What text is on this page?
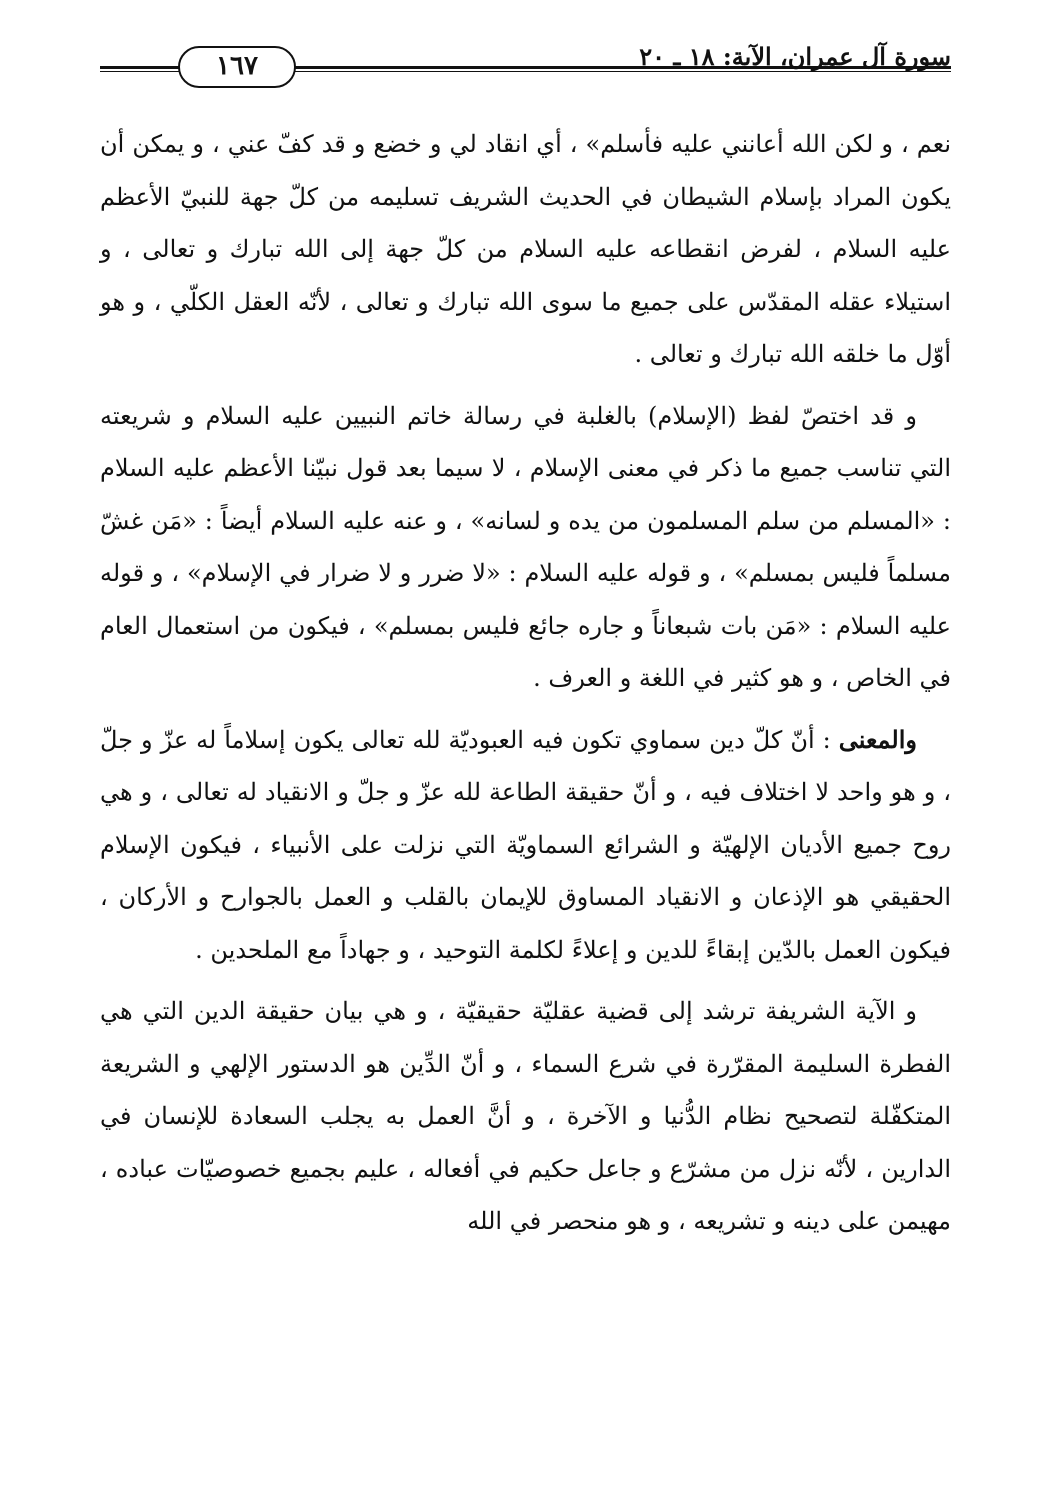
سورة آل عمران، الآية: ١٨ ـ ٢٠
١٦٧

نعم ، و لكن الله أعانني عليه فأسلم» ، أي انقاد لي و خضع و قد كفّ عني ، و يمكن أن يكون المراد بإسلام الشيطان في الحديث الشريف تسليمه من كلّ جهة للنبيّ الأعظم عليه السلام ، لفرض انقطاعه عليه السلام من كلّ جهة إلى الله تبارك و تعالى ، و استيلاء عقله المقدّس على جميع ما سوى الله تبارك و تعالى ، لأنّه العقل الكلّي ، و هو أوّل ما خلقه الله تبارك و تعالى .

و قد اختصّ لفظ (الإسلام) بالغلبة في رسالة خاتم النبيين عليه السلام و شريعته التي تناسب جميع ما ذكر في معنى الإسلام ، لا سيما بعد قول نبيّنا الأعظم عليه السلام : «المسلم من سلم المسلمون من يده و لسانه» ، و عنه عليه السلام أيضاً : «مَن غشّ مسلماً فليس بمسلم» ، و قوله عليه السلام : «لا ضرر و لا ضرار في الإسلام» ، و قوله عليه السلام : «مَن بات شبعاناً و جاره جائع فليس بمسلم» ، فيكون من استعمال العام في الخاص ، و هو كثير في اللغة و العرف .

والمعنى : أنّ كلّ دين سماوي تكون فيه العبوديّة لله تعالى يكون إسلاماً له عزّ و جلّ ، و هو واحد لا اختلاف فيه ، و أنّ حقيقة الطاعة لله عزّ و جلّ و الانقياد له تعالى ، و هي روح جميع الأديان الإلهيّة و الشرائع السماويّة التي نزلت على الأنبياء ، فيكون الإسلام الحقيقي هو الإذعان و الانقياد المساوق للإيمان بالقلب و العمل بالجوارح و الأركان ، فيكون العمل بالدّين إبقاءً للدين و إعلاءً لكلمة التوحيد ، و جهاداً مع الملحدين .

و الآية الشريفة ترشد إلى قضية عقليّة حقيقيّة ، و هي بيان حقيقة الدين التي هي الفطرة السليمة المقرّرة في شرع السماء ، و أنّ الدِّين هو الدستور الإلهي و الشريعة المتكفّلة لتصحيح نظام الدُّنيا و الآخرة ، و أنَّ العمل به يجلب السعادة للإنسان في الدارين ، لأنّه نزل من مشرّع و جاعل حكيم في أفعاله ، عليم بجميع خصوصيّات عباده ، مهيمن على دينه و تشريعه ، و هو منحصر في الله
